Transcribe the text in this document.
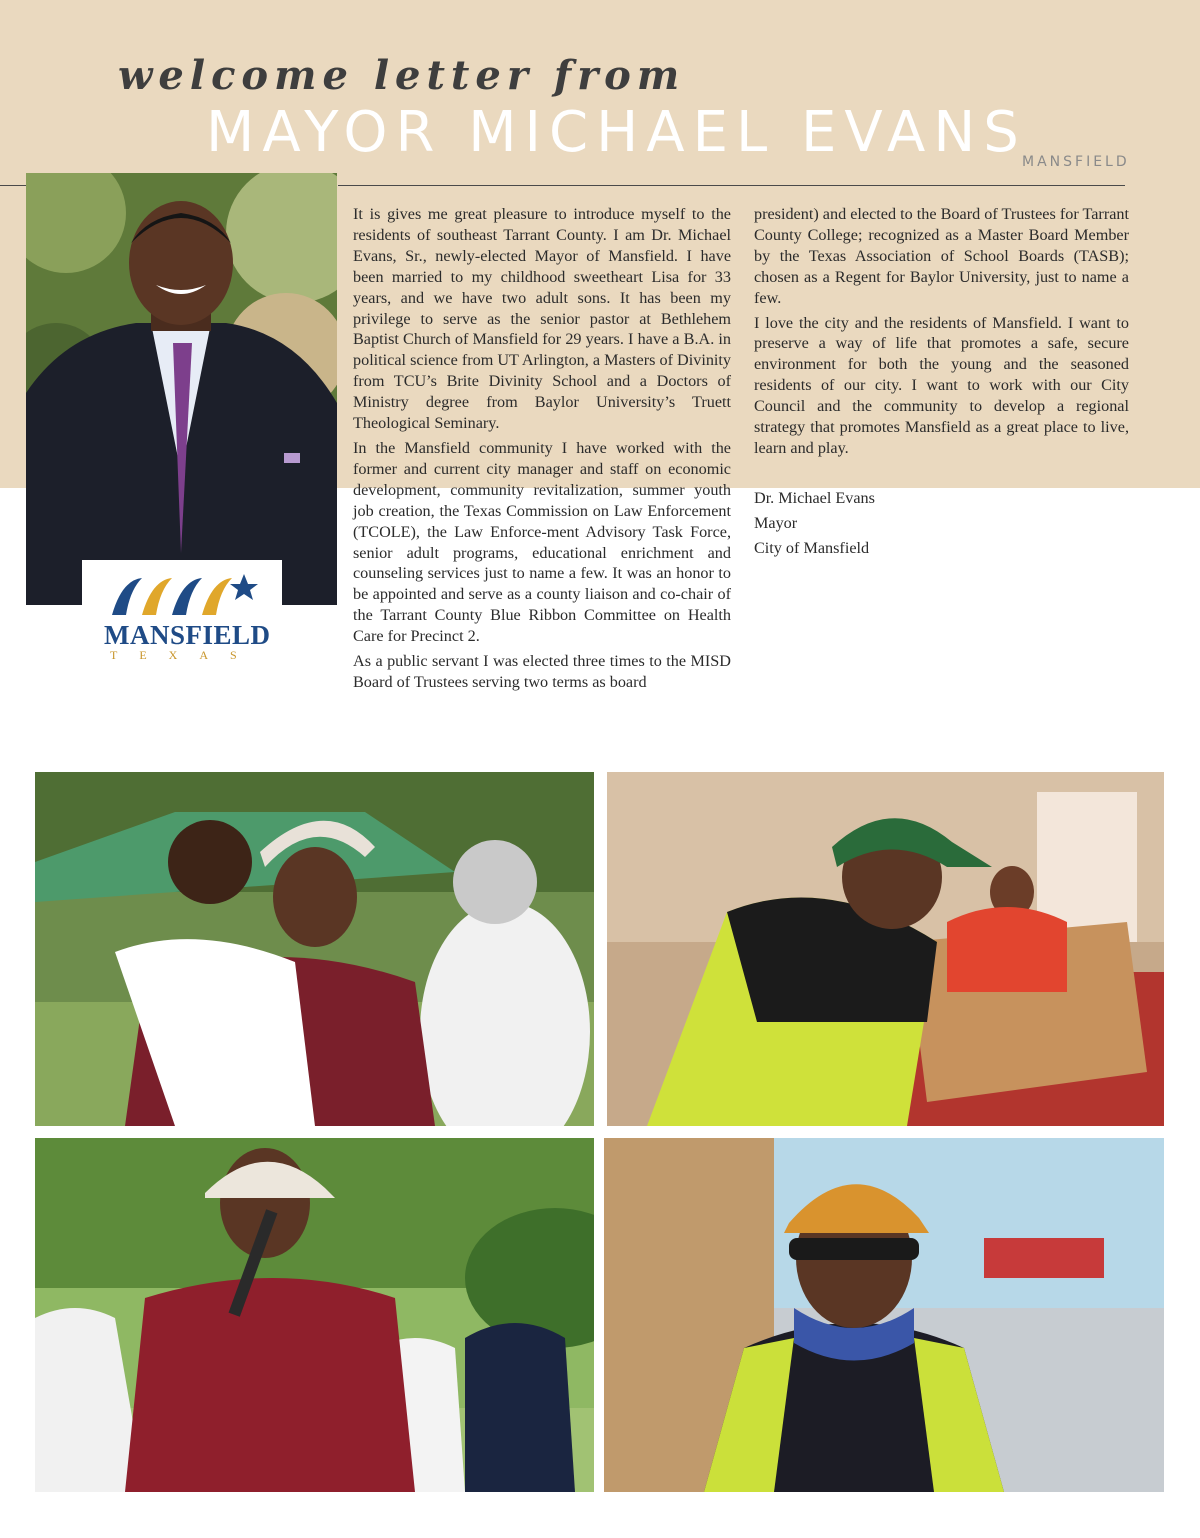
welcome letter from
MAYOR MICHAEL EVANS
MANSFIELD
MANSFIELD
TEXAS

It is gives me great pleasure to introduce myself to the residents of southeast Tarrant County. I am Dr. Michael Evans, Sr., newly-elected Mayor of Mansfield. I have been married to my childhood sweetheart Lisa for 33 years, and we have two adult sons. It has been my privilege to serve as the senior pastor at Bethlehem Baptist Church of Mansfield for 29 years. I have a B.A. in political science from UT Arlington, a Masters of Divinity from TCU’s Brite Divinity School and a Doctors of Ministry degree from Baylor University’s Truett Theological Seminary.

In the Mansfield community I have worked with the former and current city manager and staff on economic development, community revitalization, summer youth job creation, the Texas Commission on Law Enforcement (TCOLE), the Law Enforce-ment Advisory Task Force, senior adult programs, educational enrichment and counseling services just to name a few. It was an honor to be appointed and serve as a county liaison and co-chair of the Tarrant County Blue Ribbon Committee on Health Care for Precinct 2.

As a public servant I was elected three times to the MISD Board of Trustees serving two terms as board

president) and elected to the Board of Trustees for Tarrant County College; recognized as a Master Board Member by the Texas Association of School Boards (TASB); chosen as a Regent for Baylor University, just to name a few.

I love the city and the residents of Mansfield. I want to preserve a way of life that promotes a safe, secure environment for both the young and the seasoned residents of our city. I want to work with our City Council and the community to develop a regional strategy that promotes Mansfield as a great place to live, learn and play.

Dr. Michael Evans
Mayor
City of Mansfield
